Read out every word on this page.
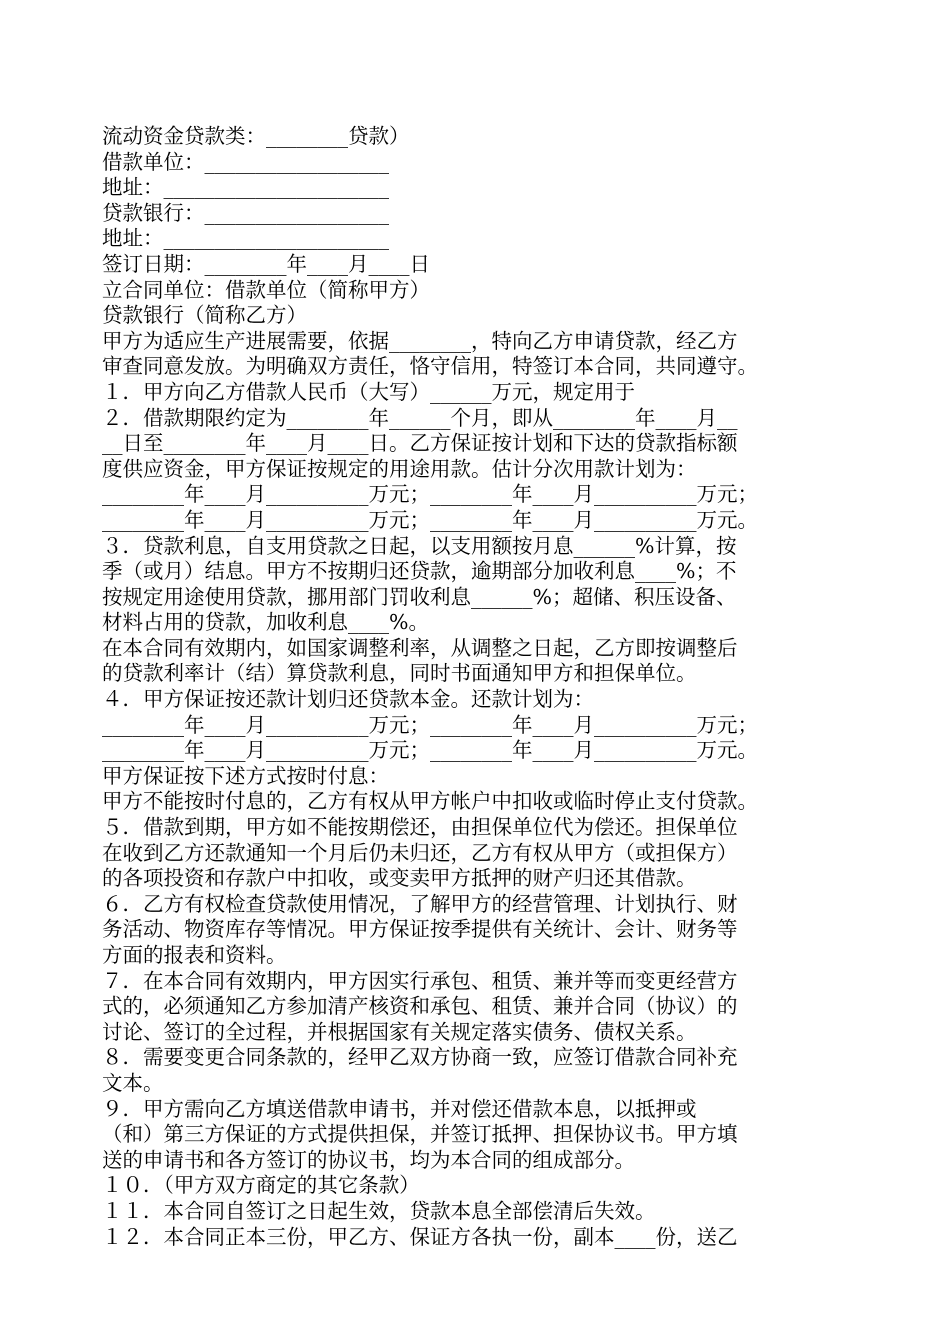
流动资金贷款类：________贷款）
借款单位：__________________
地址：______________________
贷款银行：__________________
地址：______________________
签订日期：________年____月____日
立合同单位：借款单位（简称甲方）
贷款银行（简称乙方）
甲方为适应生产进展需要，依据________，特向乙方申请贷款，经乙方
审查同意发放。为明确双方责任，恪守信用，特签订本合同，共同遵守。
１．甲方向乙方借款人民币（大写）______万元，规定用于
２．借款期限约定为________年______个月，即从________年____月__
__日至________年____月____日。乙方保证按计划和下达的贷款指标额
度供应资金，甲方保证按规定的用途用款。估计分次用款计划为：
________年____月__________万元；________年____月__________万元；
________年____月__________万元；________年____月__________万元。
３．贷款利息，自支用贷款之日起，以支用额按月息______%计算，按
季（或月）结息。甲方不按期归还贷款，逾期部分加收利息____%；不
按规定用途使用贷款，挪用部门罚收利息______%；超储、积压设备、
材料占用的贷款，加收利息____%。
在本合同有效期内，如国家调整利率，从调整之日起，乙方即按调整后
的贷款利率计（结）算贷款利息，同时书面通知甲方和担保单位。
４．甲方保证按还款计划归还贷款本金。还款计划为：
________年____月__________万元；________年____月__________万元；
________年____月__________万元；________年____月__________万元。
甲方保证按下述方式按时付息：
甲方不能按时付息的，乙方有权从甲方帐户中扣收或临时停止支付贷款。
５．借款到期，甲方如不能按期偿还，由担保单位代为偿还。担保单位
在收到乙方还款通知一个月后仍未归还，乙方有权从甲方（或担保方）
的各项投资和存款户中扣收，或变卖甲方抵押的财产归还其借款。
６．乙方有权检查贷款使用情况，了解甲方的经营管理、计划执行、财
务活动、物资库存等情况。甲方保证按季提供有关统计、会计、财务等
方面的报表和资料。
７．在本合同有效期内，甲方因实行承包、租赁、兼并等而变更经营方
式的，必须通知乙方参加清产核资和承包、租赁、兼并合同（协议）的
讨论、签订的全过程，并根据国家有关规定落实债务、债权关系。
８．需要变更合同条款的，经甲乙双方协商一致，应签订借款合同补充
文本。
９．甲方需向乙方填送借款申请书，并对偿还借款本息，以抵押或
（和）第三方保证的方式提供担保，并签订抵押、担保协议书。甲方填
送的申请书和各方签订的协议书，均为本合同的组成部分。
１０．（甲方双方商定的其它条款）
１１．本合同自签订之日起生效，贷款本息全部偿清后失效。
１２．本合同正本三份，甲乙方、保证方各执一份，副本____份，送乙
